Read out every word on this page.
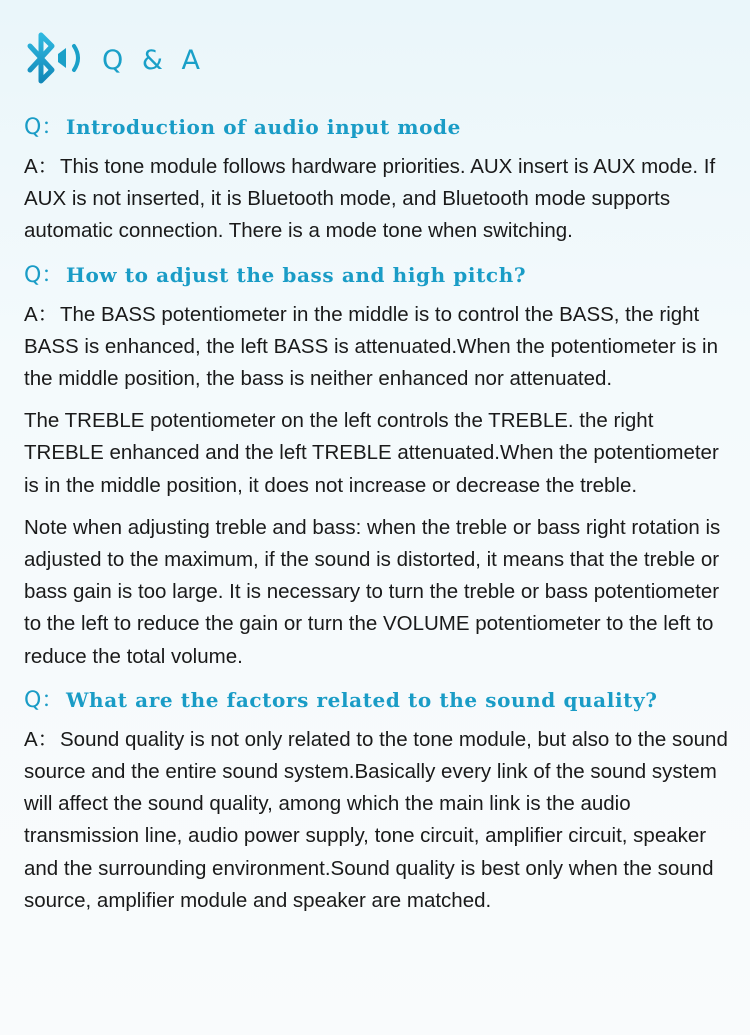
Q & A
Q： Introduction of audio input mode

A：This tone module follows hardware priorities. AUX insert is AUX mode. If AUX is not inserted, it is Bluetooth mode, and Bluetooth mode supports automatic connection. There is a mode tone when switching.

Q： How to adjust the bass and high pitch?

A：The BASS potentiometer in the middle is to control the BASS, the right BASS is enhanced, the left BASS is attenuated.When the potentiometer is in the middle position, the bass is neither enhanced nor attenuated.

The TREBLE potentiometer on the left controls the TREBLE. the right TREBLE enhanced and the left TREBLE attenuated.When the potentiometer is in the middle position, it does not increase or decrease the treble.

Note when adjusting treble and bass: when the treble or bass right rotation is adjusted to the maximum, if the sound is distorted, it means that the treble or bass gain is too large. It is necessary to turn the treble or bass potentiometer to the left to reduce the gain or turn the VOLUME potentiometer to the left to reduce the total volume.

Q： What are the factors related to the sound quality?

A：Sound quality is not only related to the tone module, but also to the sound source and the entire sound system.Basically every link of the sound system will affect the sound quality, among which the main link is the audio transmission line, audio power supply, tone circuit, amplifier circuit, speaker and the surrounding environment.Sound quality is best only when the sound source, amplifier module and speaker are matched.
